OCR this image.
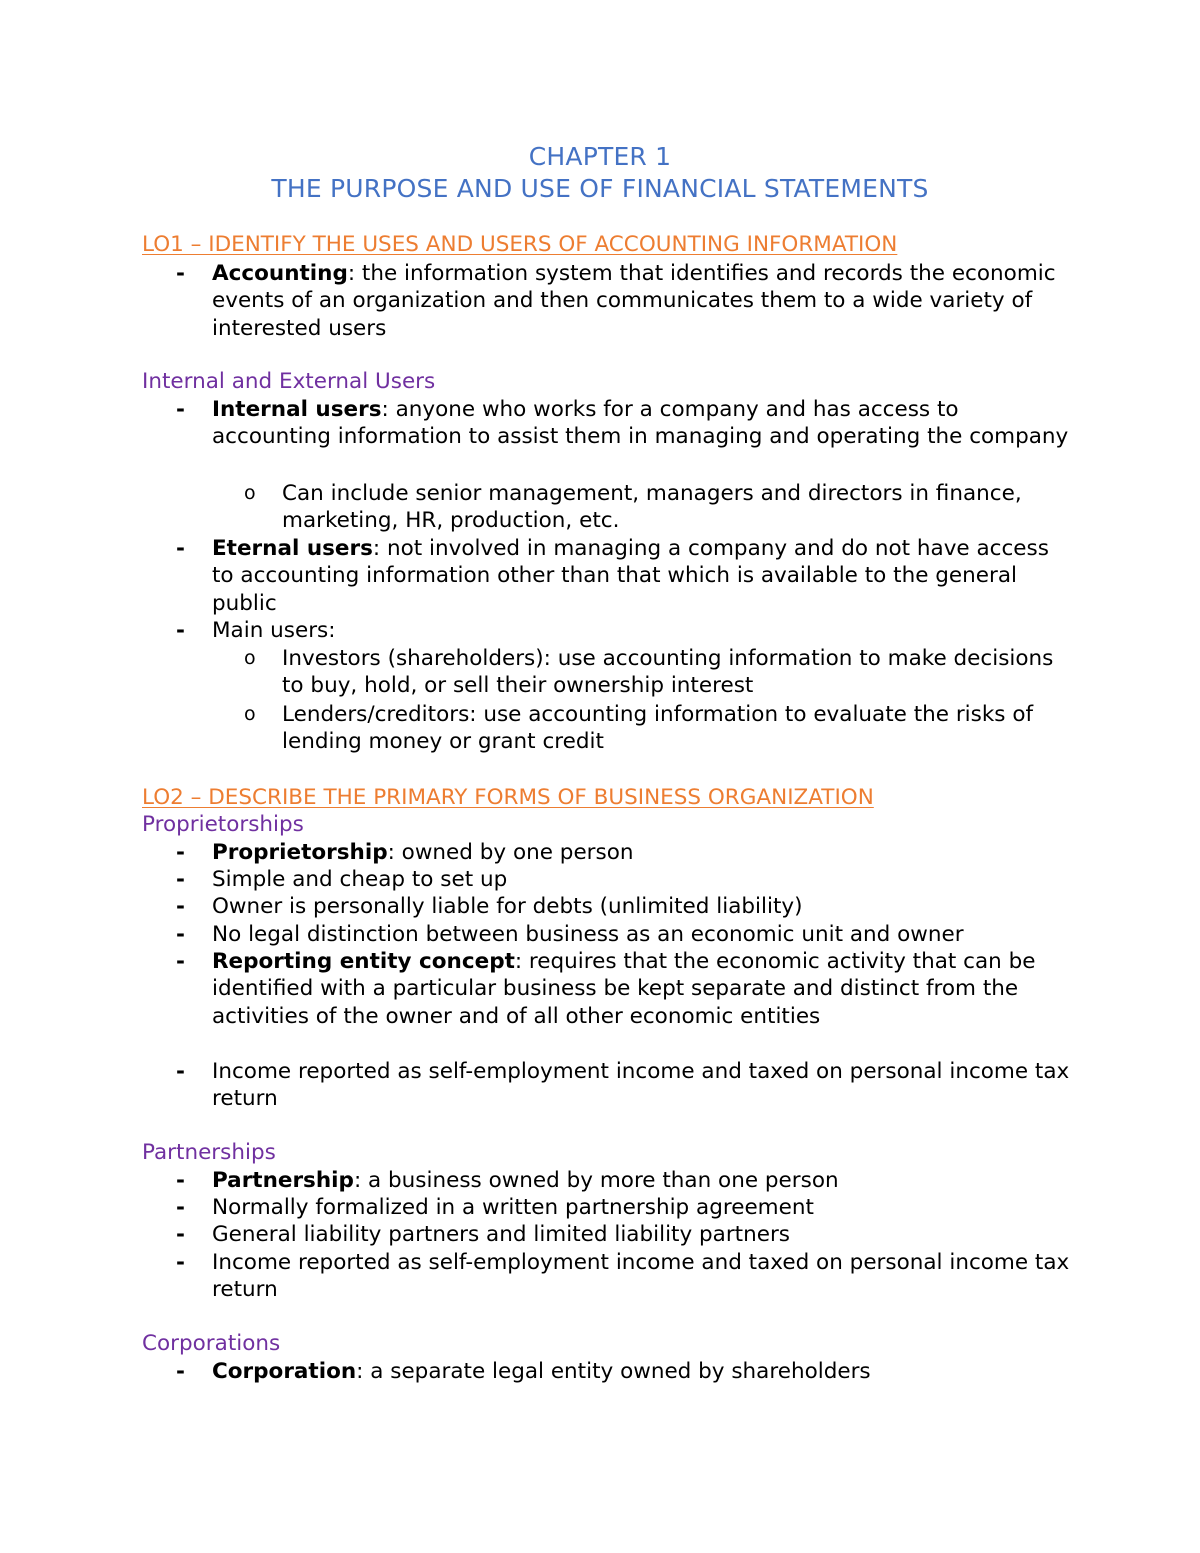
CHAPTER 1
THE PURPOSE AND USE OF FINANCIAL STATEMENTS
LO1 – IDENTIFY THE USES AND USERS OF ACCOUNTING INFORMATION
- Accounting: the information system that identifies and records the economic events of an organization and then communicates them to a wide variety of interested users

Internal and External Users
- Internal users: anyone who works for a company and has access to accounting information to assist them in managing and operating the company

o Can include senior management, managers and directors in finance, marketing, HR, production, etc.

- Eternal users: not involved in managing a company and do not have access to accounting information other than that which is available to the general public

- Main users:

o Investors (shareholders): use accounting information to make decisions to buy, hold, or sell their ownership interest

o Lenders/creditors: use accounting information to evaluate the risks of lending money or grant credit

LO2 – DESCRIBE THE PRIMARY FORMS OF BUSINESS ORGANIZATION
Proprietorships
- Proprietorship: owned by one person

- Simple and cheap to set up

- Owner is personally liable for debts (unlimited liability)

- No legal distinction between business as an economic unit and owner

- Reporting entity concept: requires that the economic activity that can be identified with a particular business be kept separate and distinct from the activities of the owner and of all other economic entities

- Income reported as self-employment income and taxed on personal income tax return

Partnerships
- Partnership: a business owned by more than one person

- Normally formalized in a written partnership agreement

- General liability partners and limited liability partners

- Income reported as self-employment income and taxed on personal income tax return

Corporations
- Corporation: a separate legal entity owned by shareholders
